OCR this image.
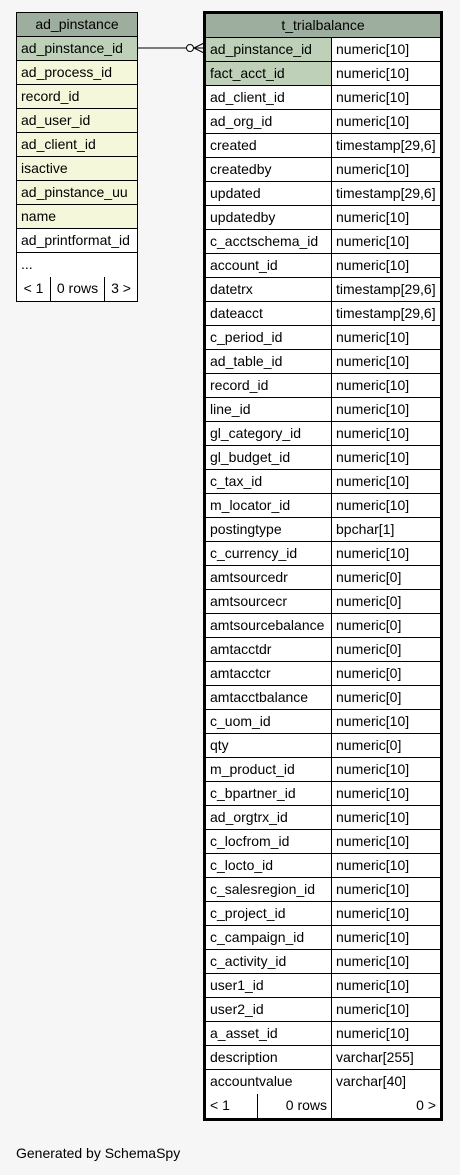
ad_pinstance
ad_pinstance_id
ad_process_id
record_id
ad_user_id
ad_client_id
isactive
ad_pinstance_uu
name
ad_printformat_id
...
< 1 0 rows 3 >
t_trialbalance
ad_pinstance_id	numeric[10]
fact_acct_id	numeric[10]
ad_client_id	numeric[10]
ad_org_id	numeric[10]
created	timestamp[29,6]
createdby	numeric[10]
updated	timestamp[29,6]
updatedby	numeric[10]
c_acctschema_id	numeric[10]
account_id	numeric[10]
datetrx	timestamp[29,6]
dateacct	timestamp[29,6]
c_period_id	numeric[10]
ad_table_id	numeric[10]
record_id	numeric[10]
line_id	numeric[10]
gl_category_id	numeric[10]
gl_budget_id	numeric[10]
c_tax_id	numeric[10]
m_locator_id	numeric[10]
postingtype	bpchar[1]
c_currency_id	numeric[10]
amtsourcedr	numeric[0]
amtsourcecr	numeric[0]
amtsourcebalance numeric[0]
amtacctdr	numeric[0]
amtacctcr	numeric[0]
amtacctbalance	numeric[0]
c_uom_id	numeric[10]
qty	numeric[0]
m_product_id	numeric[10]
c_bpartner_id	numeric[10]
ad_orgtrx_id	numeric[10]
c_locfrom_id	numeric[10]
c_locto_id	numeric[10]
c_salesregion_id	numeric[10]
c_project_id	numeric[10]
c_campaign_id	numeric[10]
c_activity_id	numeric[10]
user1_id	numeric[10]
user2_id	numeric[10]
a_asset_id	numeric[10]
description	varchar[255]
accountvalue	varchar[40]
< 1	0 rows	0 >
Generated by SchemaSpy
